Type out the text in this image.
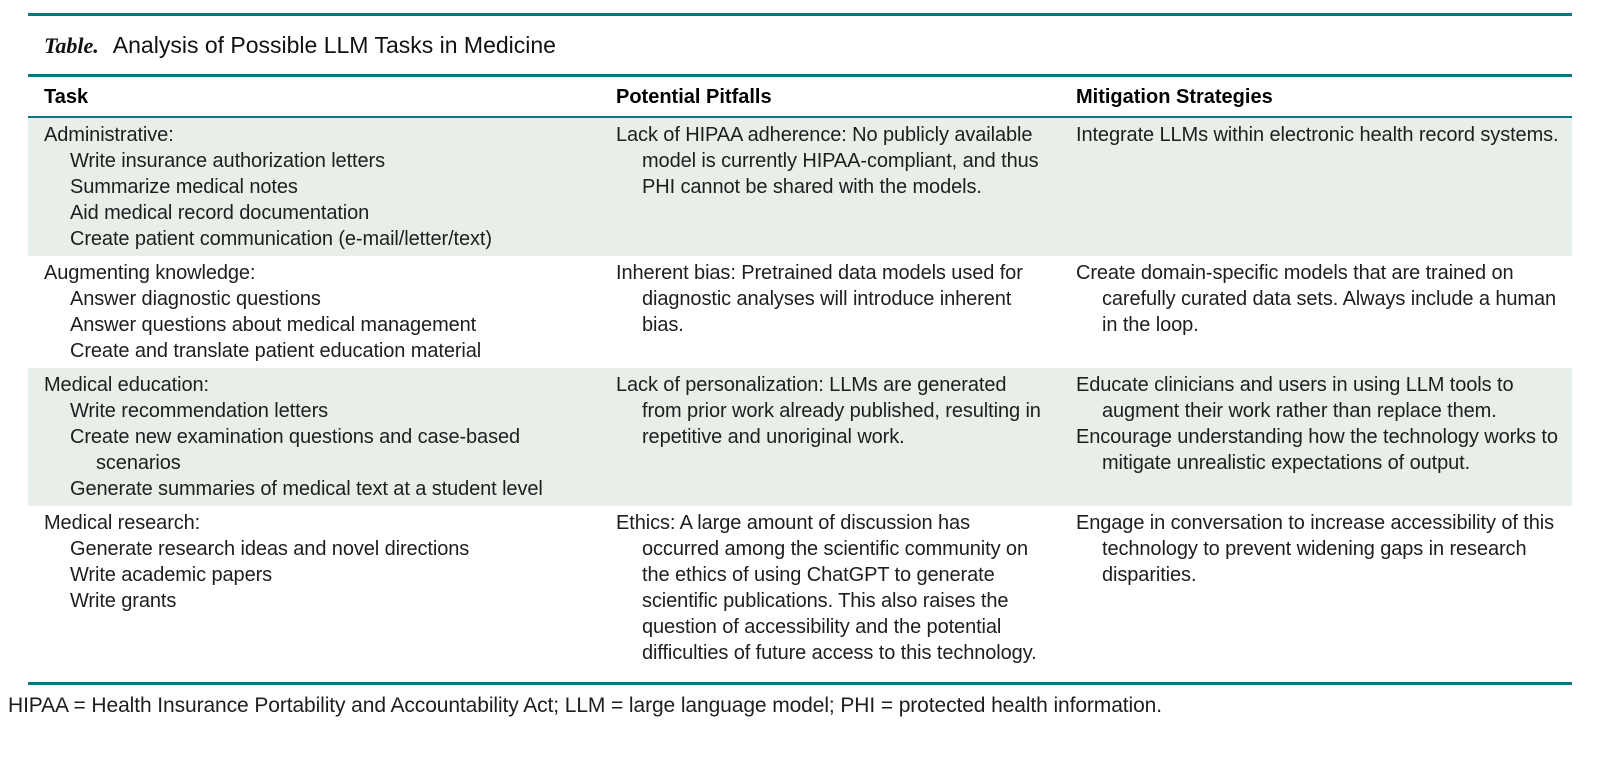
Table. Analysis of Possible LLM Tasks in Medicine
Task	Potential Pitfalls	Mitigation Strategies
Administrative:
Write insurance authorization letters
Summarize medical notes
Aid medical record documentation
Create patient communication (e-mail/letter/text)
Lack of HIPAA adherence: No publicly available model is currently HIPAA-compliant, and thus PHI cannot be shared with the models.
Integrate LLMs within electronic health record systems.
Augmenting knowledge:
Answer diagnostic questions
Answer questions about medical management
Create and translate patient education material
Inherent bias: Pretrained data models used for diagnostic analyses will introduce inherent bias.
Create domain-specific models that are trained on carefully curated data sets. Always include a human in the loop.
Medical education:
Write recommendation letters
Create new examination questions and case-based scenarios
Generate summaries of medical text at a student level
Lack of personalization: LLMs are generated from prior work already published, resulting in repetitive and unoriginal work.
Educate clinicians and users in using LLM tools to augment their work rather than replace them.
Encourage understanding how the technology works to mitigate unrealistic expectations of output.
Medical research:
Generate research ideas and novel directions
Write academic papers
Write grants
Ethics: A large amount of discussion has occurred among the scientific community on the ethics of using ChatGPT to generate scientific publications. This also raises the question of accessibility and the potential difficulties of future access to this technology.
Engage in conversation to increase accessibility of this technology to prevent widening gaps in research disparities.
HIPAA = Health Insurance Portability and Accountability Act; LLM = large language model; PHI = protected health information.
